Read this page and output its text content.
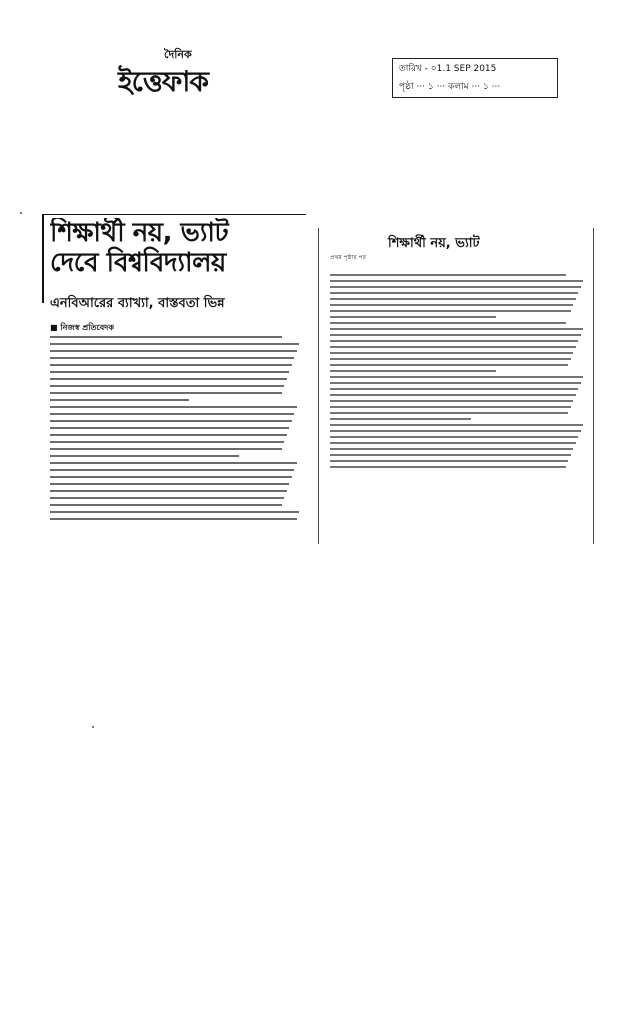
দৈনিক
ইত্তেফাক	তারিখ - ০1.1 SEP 2015
পৃষ্ঠা ··· ১ ··· কলাম ··· ১ ···
শিক্ষার্থী নয়, ভ্যাট
দেবে বিশ্ববিদ্যালয়
এনবিআরের ব্যাখ্যা, বাস্তবতা ভিন্ন
■ নিজস্ব প্রতিবেদক
শিক্ষার্থী নয়, ভ্যাট
প্রথম পৃষ্ঠার পর
